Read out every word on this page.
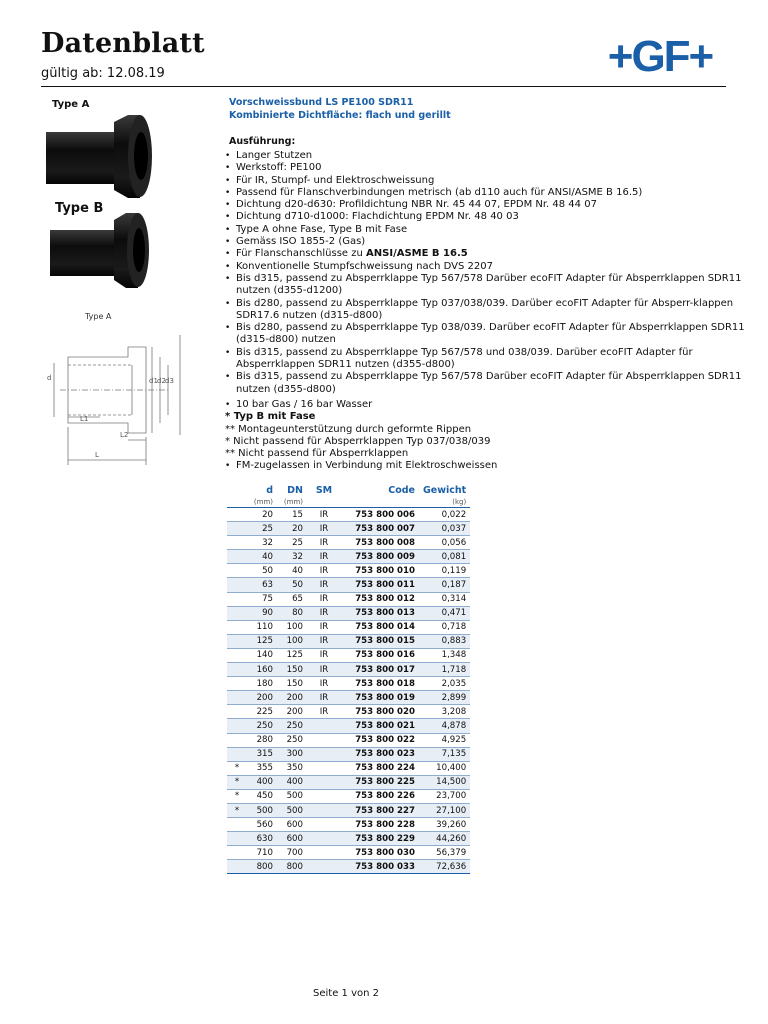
Datenblatt
gültig ab: 12.08.19	+GF+
Type A
Type B
Type A
d	d1 d2 d3
L1
L2
L
Vorschweissbund LS PE100 SDR11
Kombinierte Dichtfläche: flach und gerillt
Ausführung:
• Langer Stutzen
• Werkstoff: PE100
• Für IR, Stumpf- und Elektroschweissung
• Passend für Flanschverbindungen metrisch (ab d110 auch für ANSI/ASME B 16.5)
• Dichtung d20-d630: Profildichtung NBR Nr. 45 44 07, EPDM Nr. 48 44 07
• Dichtung d710-d1000: Flachdichtung EPDM Nr. 48 40 03
• Type A ohne Fase, Type B mit Fase
• Gemäss ISO 1855-2 (Gas)
• Für Flanschanschlüsse zu ANSI/ASME B 16.5
• Konventionelle Stumpfschweissung nach DVS 2207
• Bis d315, passend zu Absperrklappe Typ 567/578 Darüber ecoFIT Adapter für Absperrklappen SDR11 nutzen (d355-d1200)
• Bis d280, passend zu Absperrklappe Typ 037/038/039. Darüber ecoFIT Adapter für Absperr-klappen SDR17.6 nutzen (d315-d800)
• Bis d280, passend zu Absperrklappe Typ 038/039. Darüber ecoFIT Adapter für Absperrklappen SDR11 (d315-d800) nutzen
• Bis d315, passend zu Absperrklappe Typ 567/578 und 038/039. Darüber ecoFIT Adapter für Absperrklappen SDR11 nutzen (d355-d800)
• Bis d315, passend zu Absperrklappe Typ 567/578 Darüber ecoFIT Adapter für Absperrklappen SDR11 nutzen (d355-d800)
• 10 bar Gas / 16 bar Wasser
* Typ B mit Fase
** Montageunterstützung durch geformte Rippen
* Nicht passend für Absperrklappen Typ 037/038/039
** Nicht passend für Absperrklappen
• FM-zugelassen in Verbindung mit Elektroschweissen
	d	DN	SM	Code	Gewicht
	(mm)	(mm)			(kg)
	20	15	IR	753 800 006	0,022
	25	20	IR	753 800 007	0,037
	32	25	IR	753 800 008	0,056
	40	32	IR	753 800 009	0,081
	50	40	IR	753 800 010	0,119
	63	50	IR	753 800 011	0,187
	75	65	IR	753 800 012	0,314
	90	80	IR	753 800 013	0,471
	110	100	IR	753 800 014	0,718
	125	100	IR	753 800 015	0,883
	140	125	IR	753 800 016	1,348
	160	150	IR	753 800 017	1,718
	180	150	IR	753 800 018	2,035
	200	200	IR	753 800 019	2,899
	225	200	IR	753 800 020	3,208
	250	250		753 800 021	4,878
	280	250		753 800 022	4,925
	315	300		753 800 023	7,135
*	355	350		753 800 224	10,400
*	400	400		753 800 225	14,500
*	450	500		753 800 226	23,700
*	500	500		753 800 227	27,100
	560	600		753 800 228	39,260
	630	600		753 800 229	44,260
	710	700		753 800 030	56,379
	800	800		753 800 033	72,636
Seite 1 von 2
